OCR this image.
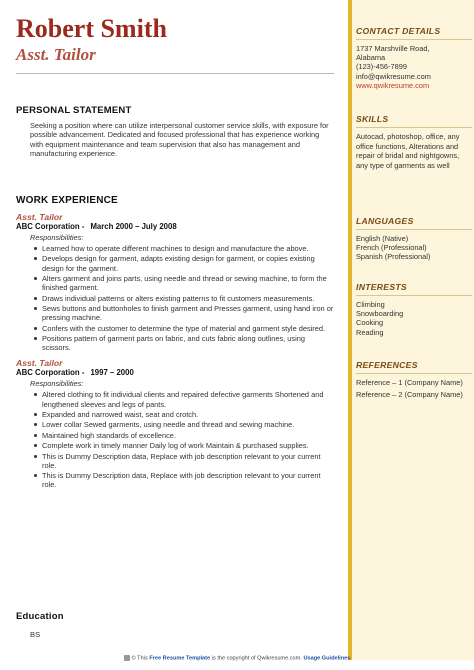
Robert Smith
Asst. Tailor
PERSONAL STATEMENT
Seeking a position where can utilize interpersonal customer service skills, with exposure for possible advancement. Dedicated and focused professional that has experience working with equipment maintenance and team supervision that also has management and manufacturing experience.
WORK EXPERIENCE
Asst. Tailor
ABC Corporation - March 2000 – July 2008
Responsibilities:
Learned how to operate different machines to design and manufacture the above.
Develops design for garment, adapts existing design for garment, or copies existing design for the garment.
Alters garment and joins parts, using needle and thread or sewing machine, to form the finished garment.
Draws individual patterns or alters existing patterns to fit customers measurements.
Sews buttons and buttonholes to finish garment and Presses garment, using hand iron or pressing machine.
Confers with the customer to determine the type of material and garment style desired.
Positions pattern of garment parts on fabric, and cuts fabric along outlines, using scissors.
Asst. Tailor
ABC Corporation - 1997 – 2000
Responsibilities:
Altered clothing to fit individual clients and repaired defective garments Shortened and lengthened sleeves and legs of pants.
Expanded and narrowed waist, seat and crotch.
Lower collar Sewed garments, using needle and thread and sewing machine.
Maintained high standards of excellence.
Complete work in timely manner Daily log of work Maintain & purchased supplies.
This is Dummy Description data, Replace with job description relevant to your current role.
This is Dummy Description data, Replace with job description relevant to your current role.
Education
BS
CONTACT DETAILS
1737 Marshville Road,
Alabama
(123)-456-7899
info@qwikresume.com
www.qwikresume.com
SKILLS
Autocad, photoshop, office, any office functions, Alterations and repair of bridal and nightgowns, any type of garments as well
LANGUAGES
English (Native)
French (Professional)
Spanish (Professional)
INTERESTS
Climbing
Snowboarding
Cooking
Reading
REFERENCES
Reference – 1 (Company Name)
Reference – 2 (Company Name)
© This Free Resume Template is the copyright of Qwikresume.com. Usage Guidelines
